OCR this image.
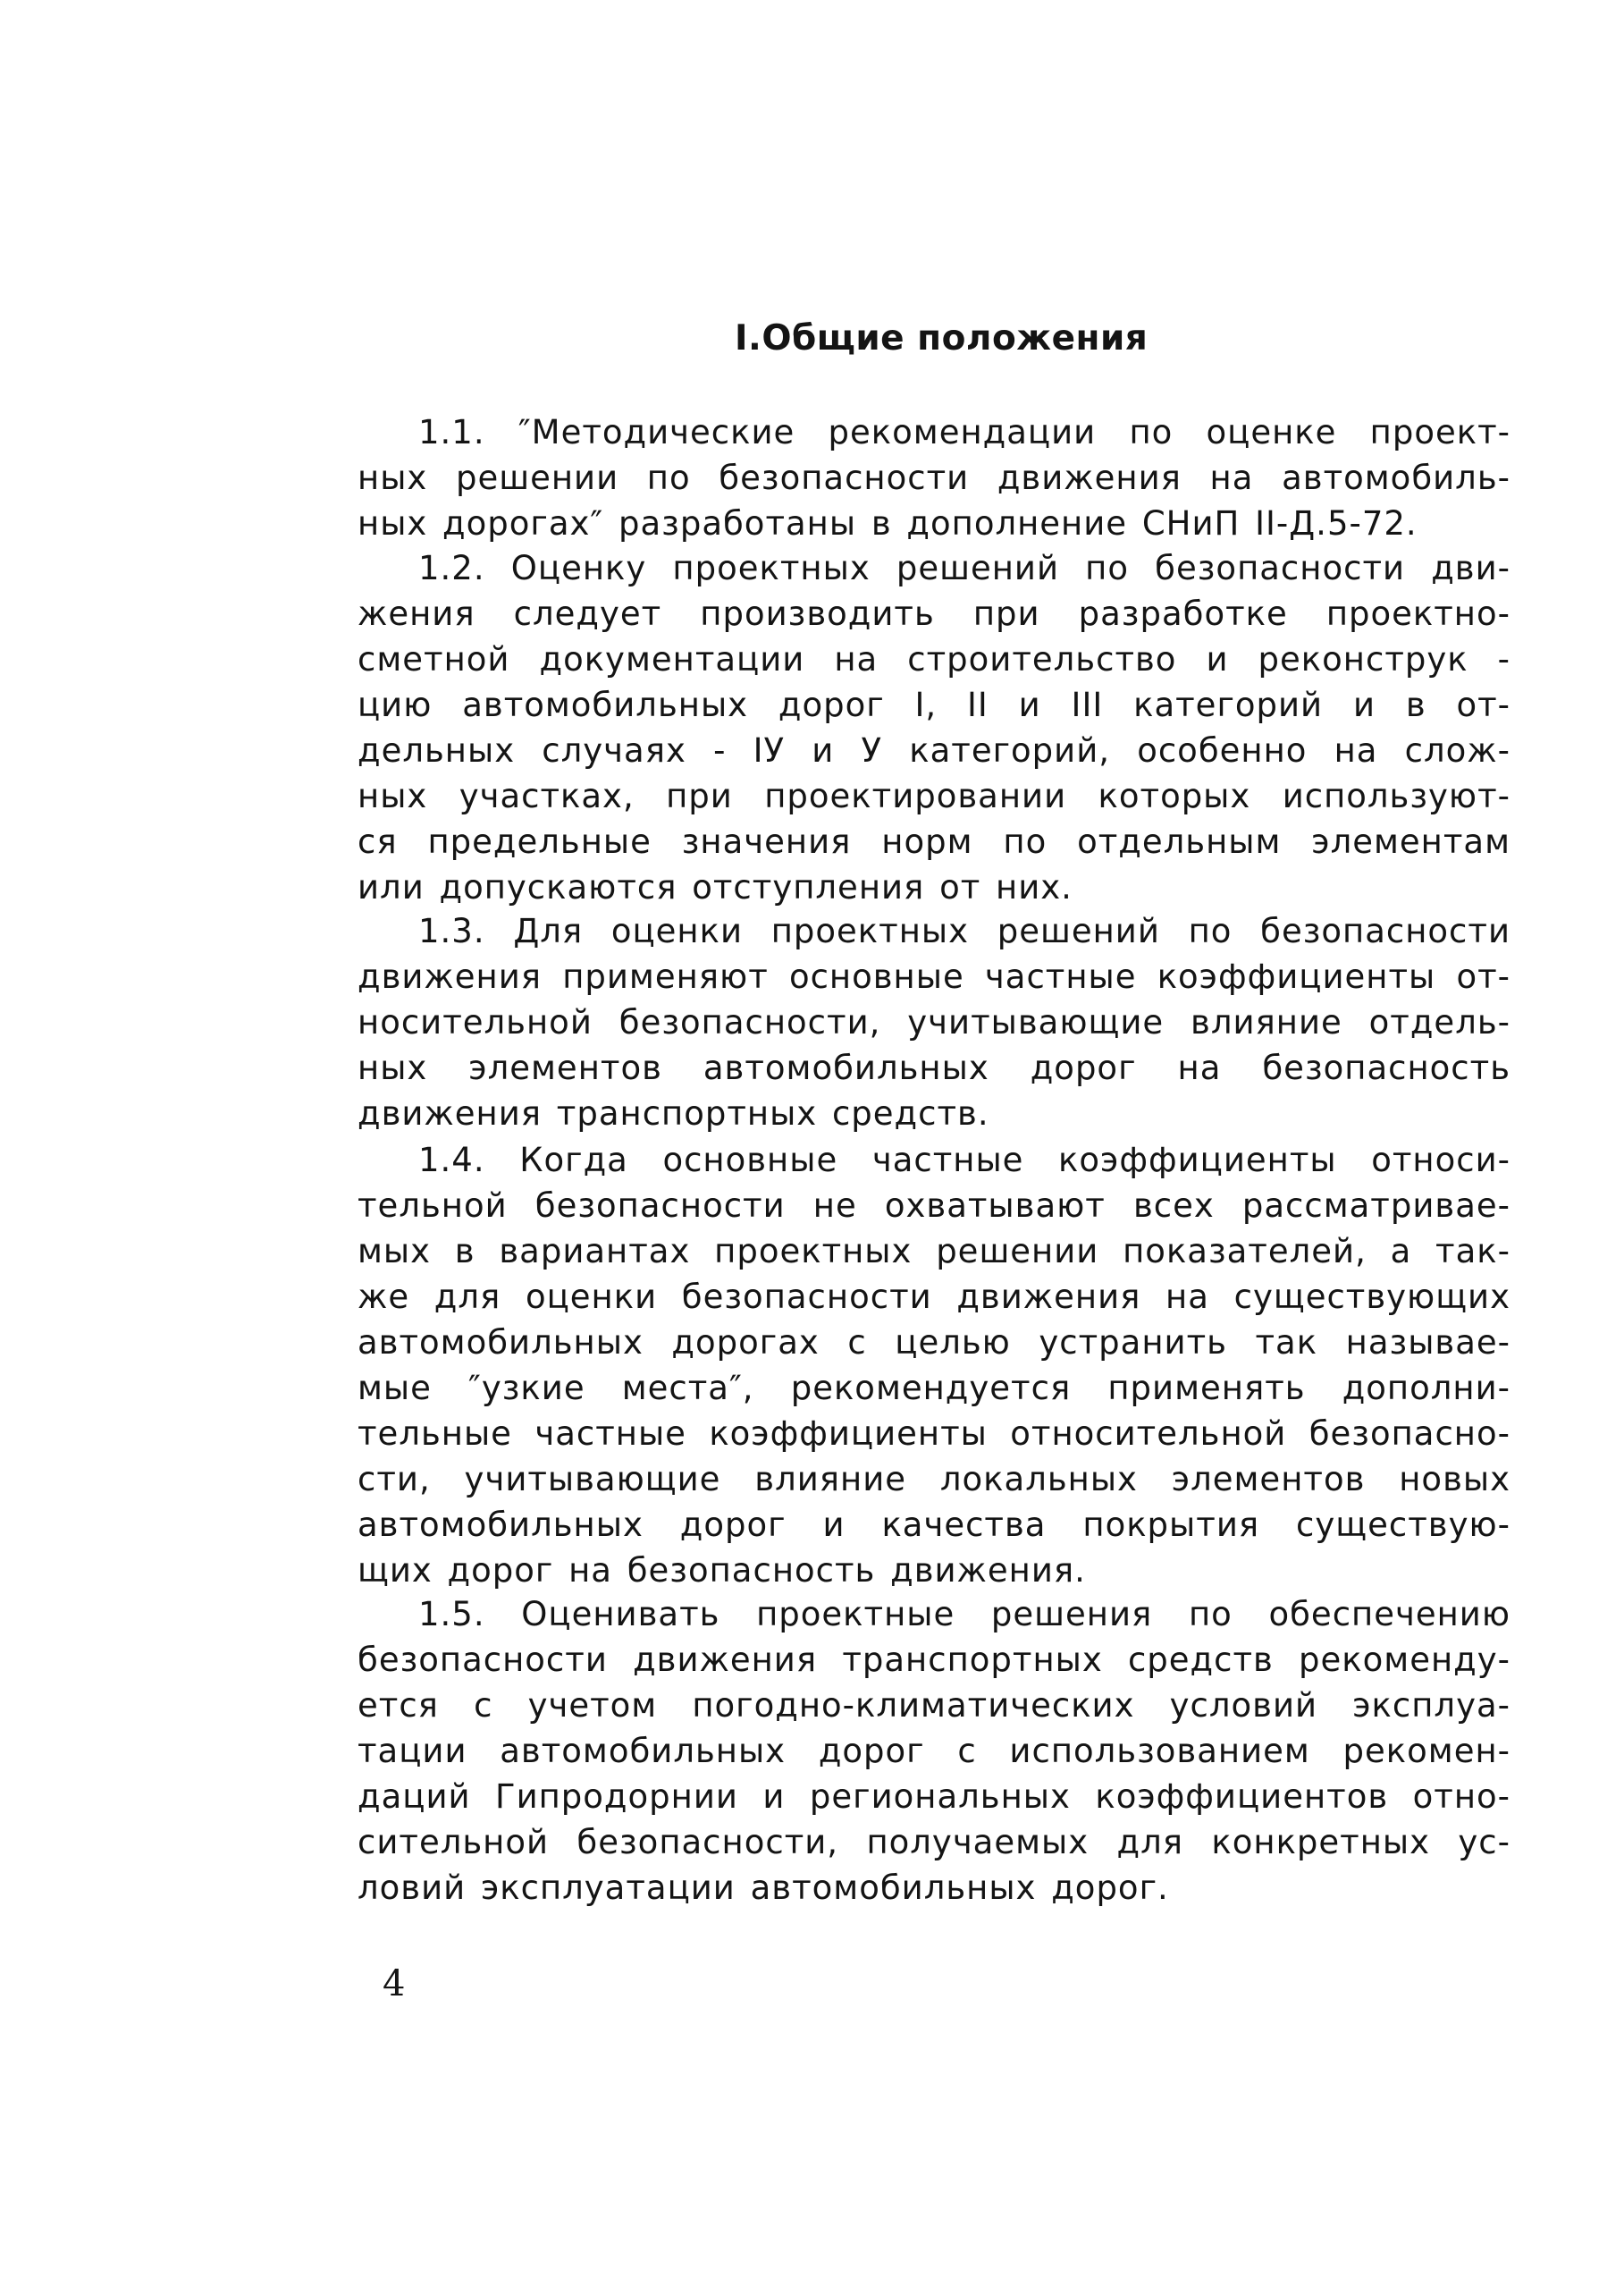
I.Общие положения
1.1. ″Методические рекомендации по оценке проект-
ных решении по безопасности движения на автомобиль-
ных дорогах″ разработаны в дополнение СНиП II-Д.5-72.
1.2. Оценку проектных решений по безопасности дви-
жения следует производить при разработке проектно-
сметной документации на строительство и реконструк -
цию автомобильных дорог I, II и III категорий и в от-
дельных случаях - IУ и У категорий, особенно на слож-
ных участках, при проектировании которых используют-
ся предельные значения норм по отдельным элементам
или допускаются отступления от них.
1.3. Для оценки проектных решений по безопасности
движения применяют основные частные коэффициенты от-
носительной безопасности, учитывающие влияние отдель-
ных элементов автомобильных дорог на безопасность
движения транспортных средств.
1.4. Когда основные частные коэффициенты относи-
тельной безопасности не охватывают всех рассматривае-
мых в вариантах проектных решении показателей, а так-
же для оценки безопасности движения на существующих
автомобильных дорогах с целью устранить так называе-
мые ″узкие места″, рекомендуется применять дополни-
тельные частные коэффициенты относительной безопасно-
сти, учитывающие влияние локальных элементов новых
автомобильных дорог и качества покрытия существую-
щих дорог на безопасность движения.
1.5. Оценивать проектные решения по обеспечению
безопасности движения транспортных средств рекоменду-
ется с учетом погодно-климатических условий эксплуа-
тации автомобильных дорог с использованием рекомен-
даций Гипродорнии и региональных коэффициентов отно-
сительной безопасности, получаемых для конкретных ус-
ловий эксплуатации автомобильных дорог.
4
